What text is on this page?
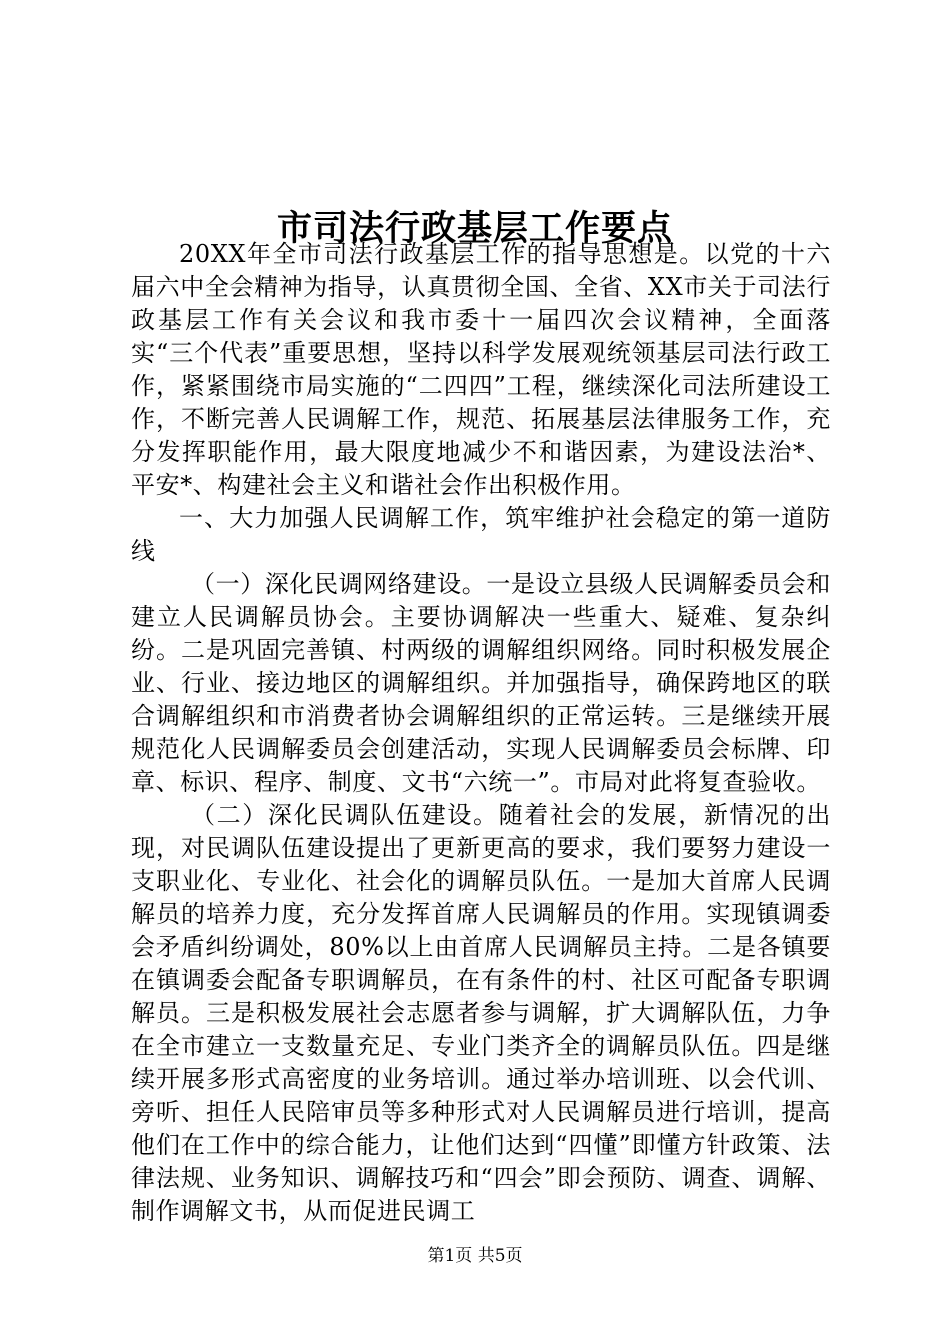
市司法行政基层工作要点

20XX年全市司法行政基层工作的指导思想是。以党的十六届六中全会精神为指导，认真贯彻全国、全省、XX市关于司法行政基层工作有关会议和我市委十一届四次会议精神，全面落实“三个代表”重要思想，坚持以科学发展观统领基层司法行政工作，紧紧围绕市局实施的“二四四”工程，继续深化司法所建设工作，不断完善人民调解工作，规范、拓展基层法律服务工作，充分发挥职能作用，最大限度地减少不和谐因素，为建设法治*、平安*、构建社会主义和谐社会作出积极作用。

一、大力加强人民调解工作，筑牢维护社会稳定的第一道防线

（一）深化民调网络建设。一是设立县级人民调解委员会和建立人民调解员协会。主要协调解决一些重大、疑难、复杂纠纷。二是巩固完善镇、村两级的调解组织网络。同时积极发展企业、行业、接边地区的调解组织。并加强指导，确保跨地区的联合调解组织和市消费者协会调解组织的正常运转。三是继续开展规范化人民调解委员会创建活动，实现人民调解委员会标牌、印章、标识、程序、制度、文书“六统一”。市局对此将复查验收。

（二）深化民调队伍建设。随着社会的发展，新情况的出现，对民调队伍建设提出了更新更高的要求，我们要努力建设一支职业化、专业化、社会化的调解员队伍。一是加大首席人民调解员的培养力度，充分发挥首席人民调解员的作用。实现镇调委会矛盾纠纷调处，80%以上由首席人民调解员主持。二是各镇要在镇调委会配备专职调解员，在有条件的村、社区可配备专职调解员。三是积极发展社会志愿者参与调解，扩大调解队伍，力争在全市建立一支数量充足、专业门类齐全的调解员队伍。四是继续开展多形式高密度的业务培训。通过举办培训班、以会代训、旁听、担任人民陪审员等多种形式对人民调解员进行培训，提高他们在工作中的综合能力，让他们达到“四懂”即懂方针政策、法律法规、业务知识、调解技巧和“四会”即会预防、调查、调解、制作调解文书，从而促进民调工

第1页 共5页
